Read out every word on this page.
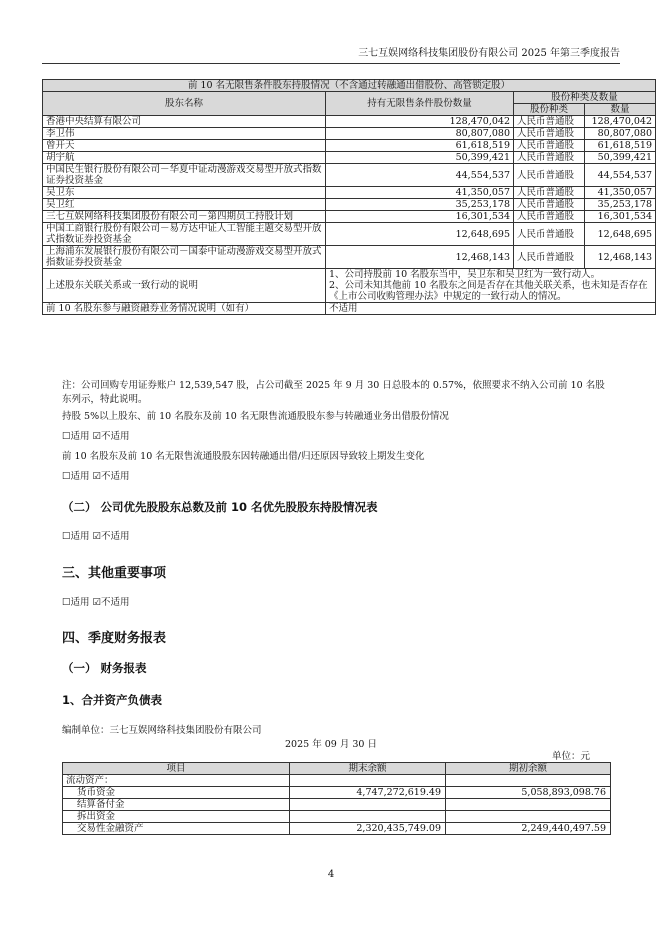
三七互娱网络科技集团股份有限公司 2025 年第三季度报告
前 10 名无限售条件股东持股情况（不含通过转融通出借股份、高管锁定股）			
股东名称	持有无限售条件股份数量	股份种类及数量	
		股份种类	数量
香港中央结算有限公司	128,470,042	人民币普通股	128,470,042
李卫伟	80,807,080	人民币普通股	80,807,080
曾开天	61,618,519	人民币普通股	61,618,519
胡宇航	50,399,421	人民币普通股	50,399,421
中国民生银行股份有限公司－华夏中证动漫游戏交易型开放式指数证券投资基金	44,554,537	人民币普通股	44,554,537
吴卫东	41,350,057	人民币普通股	41,350,057
吴卫红	35,253,178	人民币普通股	35,253,178
三七互娱网络科技集团股份有限公司－第四期员工持股计划	16,301,534	人民币普通股	16,301,534
中国工商银行股份有限公司－易方达中证人工智能主题交易型开放式指数证券投资基金	12,648,695	人民币普通股	12,648,695
上海浦东发展银行股份有限公司－国泰中证动漫游戏交易型开放式指数证券投资基金	12,468,143	人民币普通股	12,468,143
上述股东关联关系或一致行动的说明	1、公司持股前 10 名股东当中，吴卫东和吴卫红为一致行动人。
2、公司未知其他前 10 名股东之间是否存在其他关联关系，也未知是否存在《上市公司收购管理办法》中规定的一致行动人的情况。		

前 10 名股东参与融资融券业务情况说明（如有）	不适用		
注：公司回购专用证券账户 12,539,547 股，占公司截至 2025 年 9 月 30 日总股本的 0.57%，依照要求不纳入公司前 10 名股东列示，特此说明。
持股 5%以上股东、前 10 名股东及前 10 名无限售流通股股东参与转融通业务出借股份情况
☐适用 ☑不适用
前 10 名股东及前 10 名无限售流通股股东因转融通出借/归还原因导致较上期发生变化
☐适用 ☑不适用
（二） 公司优先股股东总数及前 10 名优先股股东持股情况表
☐适用 ☑不适用
三、其他重要事项
☐适用 ☑不适用
四、季度财务报表
（一） 财务报表
1、合并资产负债表
编制单位：三七互娱网络科技集团股份有限公司
2025 年 09 月 30 日
单位：元
项目	期末余额	期初余额
流动资产：		
货币资金	4,747,272,619.49	5,058,893,098.76
结算备付金		
拆出资金		
交易性金融资产	2,320,435,749.09	2,249,440,497.59
4
